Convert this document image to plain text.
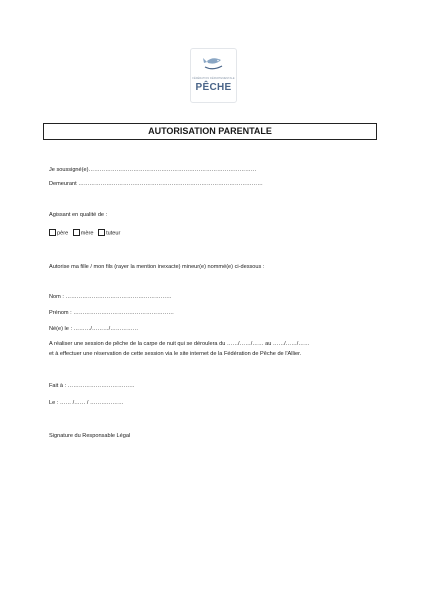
FÉDÉRATION DÉPARTEMENTALE
PÊCHE
AUTORISATION PARENTALE
Je soussigné(e)………………………………………………………………………………
Demeurant ………………………………………………………………………………………
Agissant en qualité de :
père mère tuteur
Autorise ma fille / mon fils (rayer la mention inexacte) mineur(e) nommé(e) ci-dessous :
Nom : …………………………………………………
Prénom : ………………………………………………
Né(e) le : ………/………/……………
A réaliser une session de pêche de la carpe de nuit qui se déroulera du ……/……/…… au ……/……/……
et à effectuer une réservation de cette session via le site internet de la Fédération de Pêche de l'Allier.
Fait à : ………………………………
Le : …… /…… / ………………
Signature du Responsable Légal
